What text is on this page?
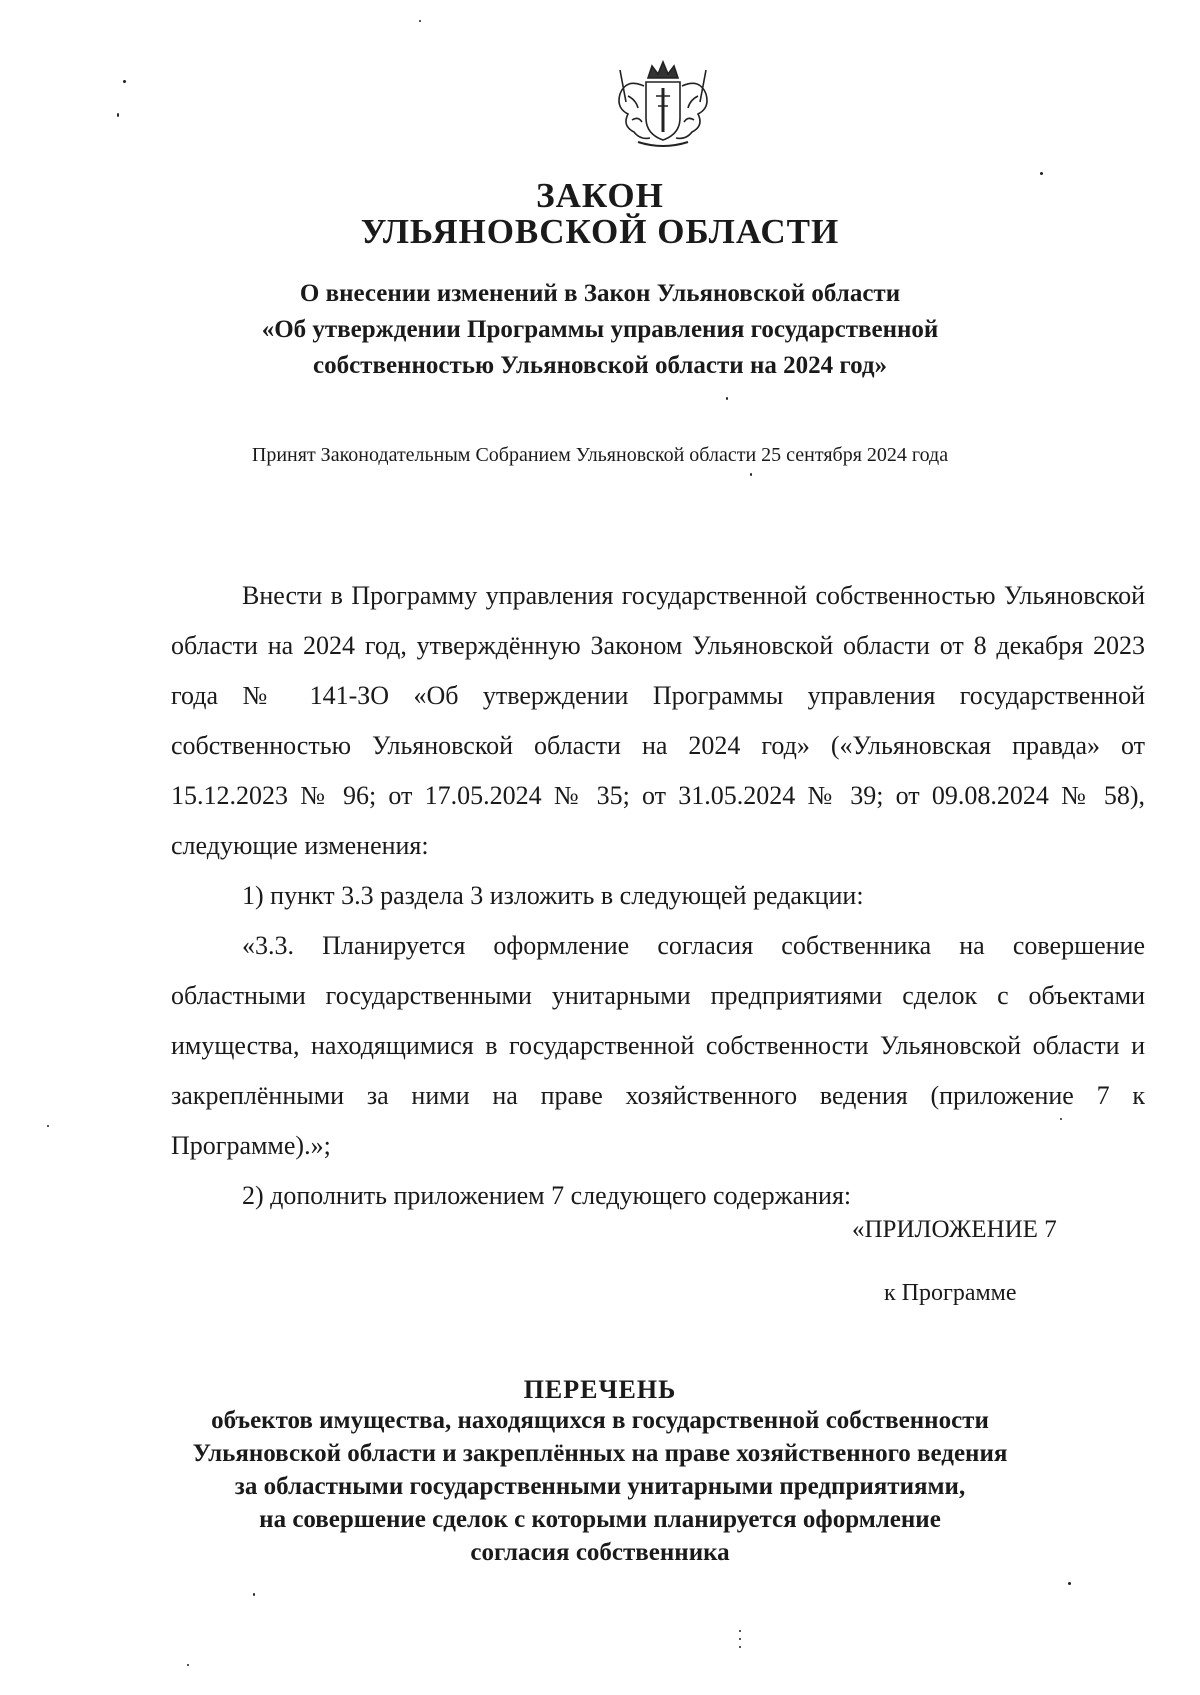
ЗАКОН
УЛЬЯНОВСКОЙ ОБЛАСТИ
О внесении изменений в Закон Ульяновской области
«Об утверждении Программы управления государственной
собственностью Ульяновской области на 2024 год»
Принят Законодательным Собранием Ульяновской области 25 сентября 2024 года

Внести в Программу управления государственной собственностью Ульяновской области на 2024 год, утверждённую Законом Ульяновской области от 8 декабря 2023 года № 141-ЗО «Об утверждении Программы управления государственной собственностью Ульяновской области на 2024 год» («Ульяновская правда» от 15.12.2023 № 96; от 17.05.2024 № 35; от 31.05.2024 № 39; от 09.08.2024 № 58), следующие изменения:

1) пункт 3.3 раздела 3 изложить в следующей редакции:

«3.3. Планируется оформление согласия собственника на совершение областными государственными унитарными предприятиями сделок с объектами имущества, находящимися в государственной собственности Ульяновской области и закреплёнными за ними на праве хозяйственного ведения (приложение 7 к Программе).»;

2) дополнить приложением 7 следующего содержания:

«ПРИЛОЖЕНИЕ 7
к Программе
ПЕРЕЧЕНЬ
объектов имущества, находящихся в государственной собственности
Ульяновской области и закреплённых на праве хозяйственного ведения
за областными государственными унитарными предприятиями,
на совершение сделок с которыми планируется оформление
согласия собственника
